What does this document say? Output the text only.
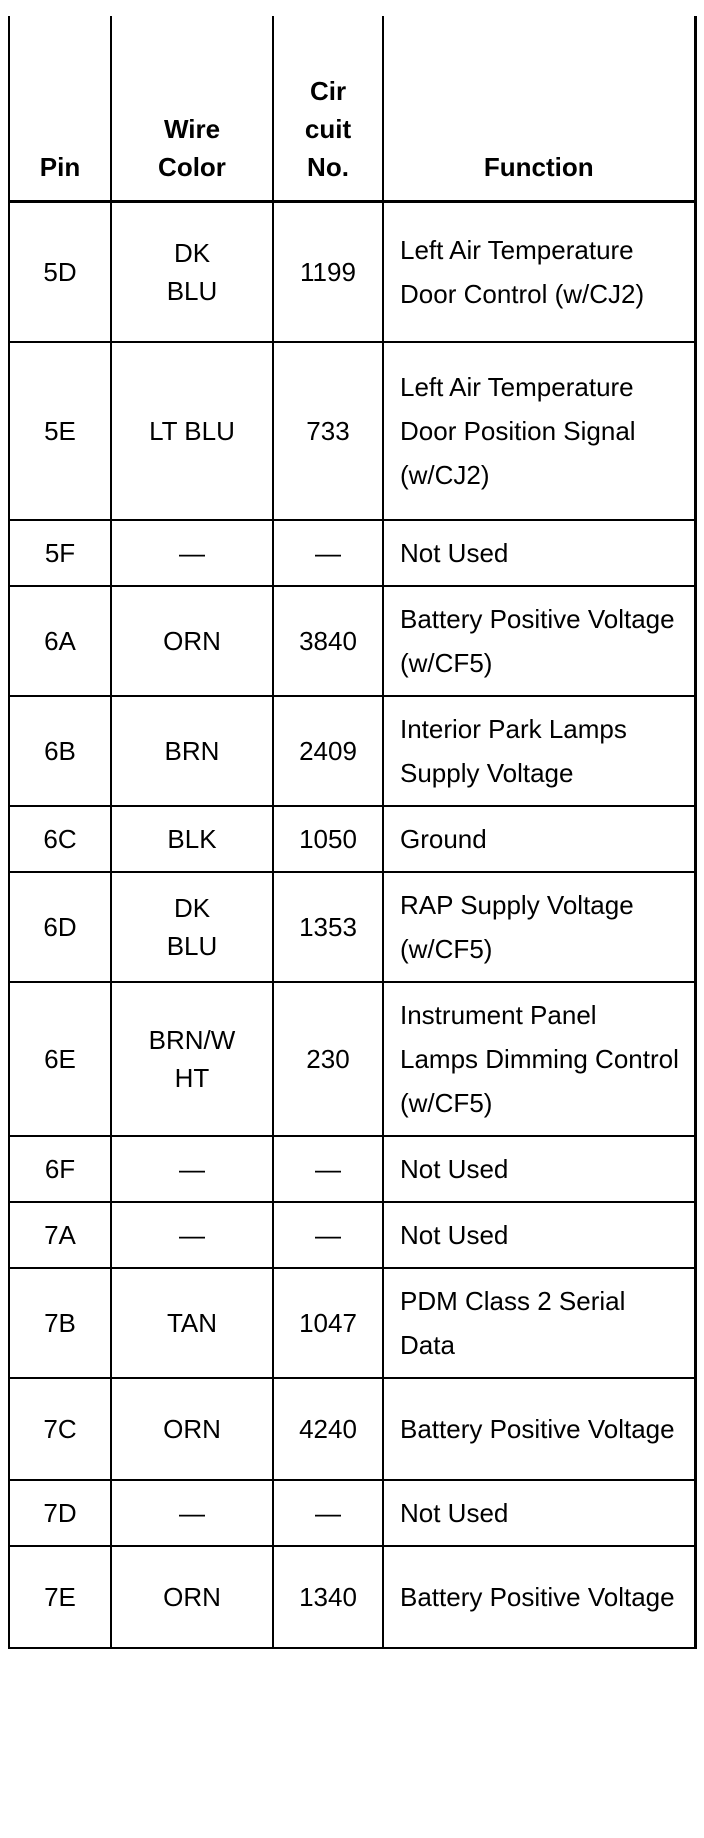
Pin	Wire Color	Cir cuit No.	Function
5D	DK BLU	1199	Left Air Temperature Door Control (w/CJ2)
5E	LT BLU	733	Left Air Temperature Door Position Signal (w/CJ2)
5F	—	—	Not Used
6A	ORN	3840	Battery Positive Voltage (w/CF5)
6B	BRN	2409	Interior Park Lamps Supply Voltage
6C	BLK	1050	Ground
6D	DK BLU	1353	RAP Supply Voltage (w/CF5)
6E	BRN/W HT	230	Instrument Panel Lamps Dimming Control (w/CF5)
6F	—	—	Not Used
7A	—	—	Not Used
7B	TAN	1047	PDM Class 2 Serial Data
7C	ORN	4240	Battery Positive Voltage
7D	—	—	Not Used
7E	ORN	1340	Battery Positive Voltage
